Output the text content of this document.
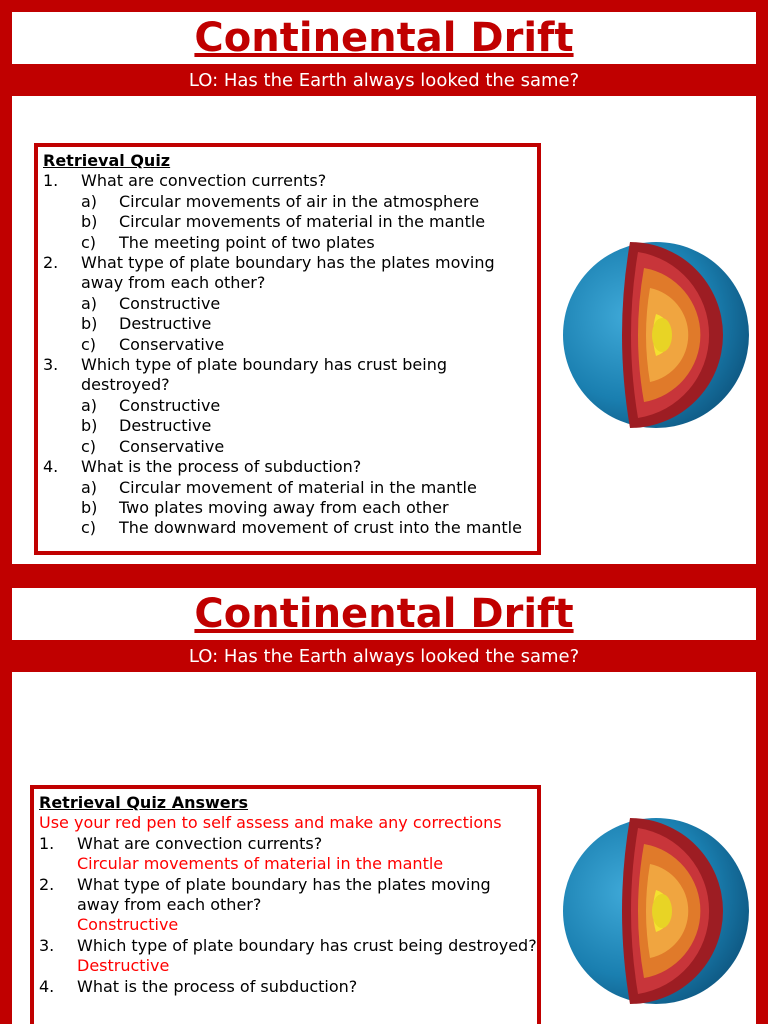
Continental Drift
LO: Has the Earth always looked the same?
Retrieval Quiz
1. What are convection currents?
a) Circular movements of air in the atmosphere
b) Circular movements of material in the mantle
c) The meeting point of two plates
2. What type of plate boundary has the plates moving away from each other?
a) Constructive
b) Destructive
c) Conservative
3. Which type of plate boundary has crust being destroyed?
a) Constructive
b) Destructive
c) Conservative
4. What is the process of subduction?
a) Circular movement of material in the mantle
b) Two plates moving away from each other
c) The downward movement of crust into the mantle
Continental Drift
LO: Has the Earth always looked the same?
Retrieval Quiz Answers
Use your red pen to self assess and make any corrections
1. What are convection currents?
Circular movements of material in the mantle
2. What type of plate boundary has the plates moving away from each other?
Constructive
3. Which type of plate boundary has crust being destroyed?
Destructive
4. What is the process of subduction?
